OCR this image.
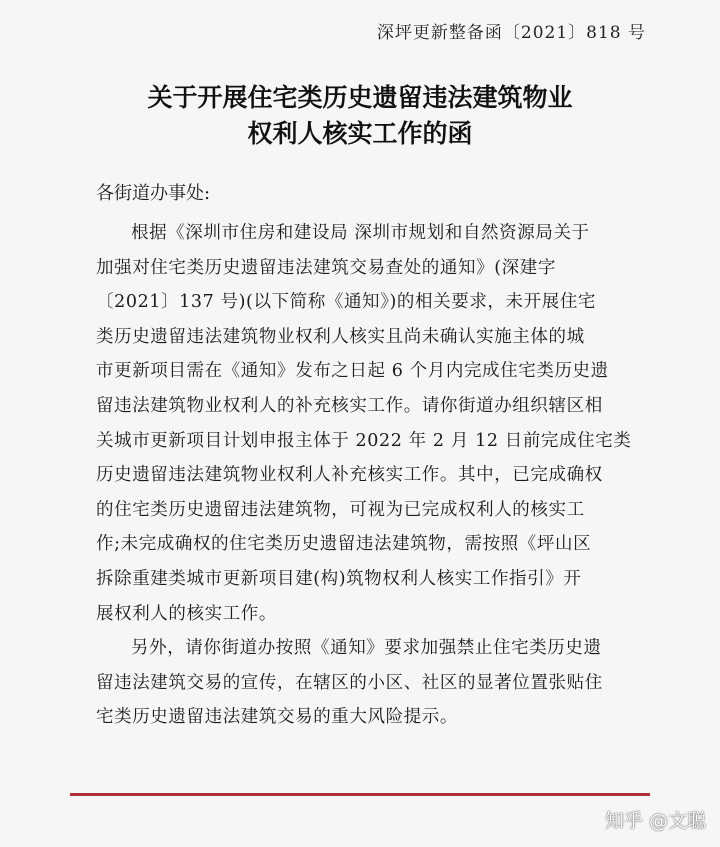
深坪更新整备函〔2021〕818 号
关于开展住宅类历史遗留违法建筑物业
权利人核实工作的函
各街道办事处:

根据《深圳市住房和建设局 深圳市规划和自然资源局关于
加强对住宅类历史遗留违法建筑交易查处的通知》(深建字
〔2021〕137 号)(以下简称《通知》)的相关要求，未开展住宅
类历史遗留违法建筑物业权利人核实且尚未确认实施主体的城
市更新项目需在《通知》发布之日起 6 个月内完成住宅类历史遗
留违法建筑物业权利人的补充核实工作。请你街道办组织辖区相
关城市更新项目计划申报主体于 2022 年 2 月 12 日前完成住宅类
历史遗留违法建筑物业权利人补充核实工作。其中，已完成确权
的住宅类历史遗留违法建筑物，可视为已完成权利人的核实工
作;未完成确权的住宅类历史遗留违法建筑物，需按照《坪山区
拆除重建类城市更新项目建(构)筑物权利人核实工作指引》开
展权利人的核实工作。

另外，请你街道办按照《通知》要求加强禁止住宅类历史遗
留违法建筑交易的宣传，在辖区的小区、社区的显著位置张贴住
宅类历史遗留违法建筑交易的重大风险提示。

知乎 @文聪
